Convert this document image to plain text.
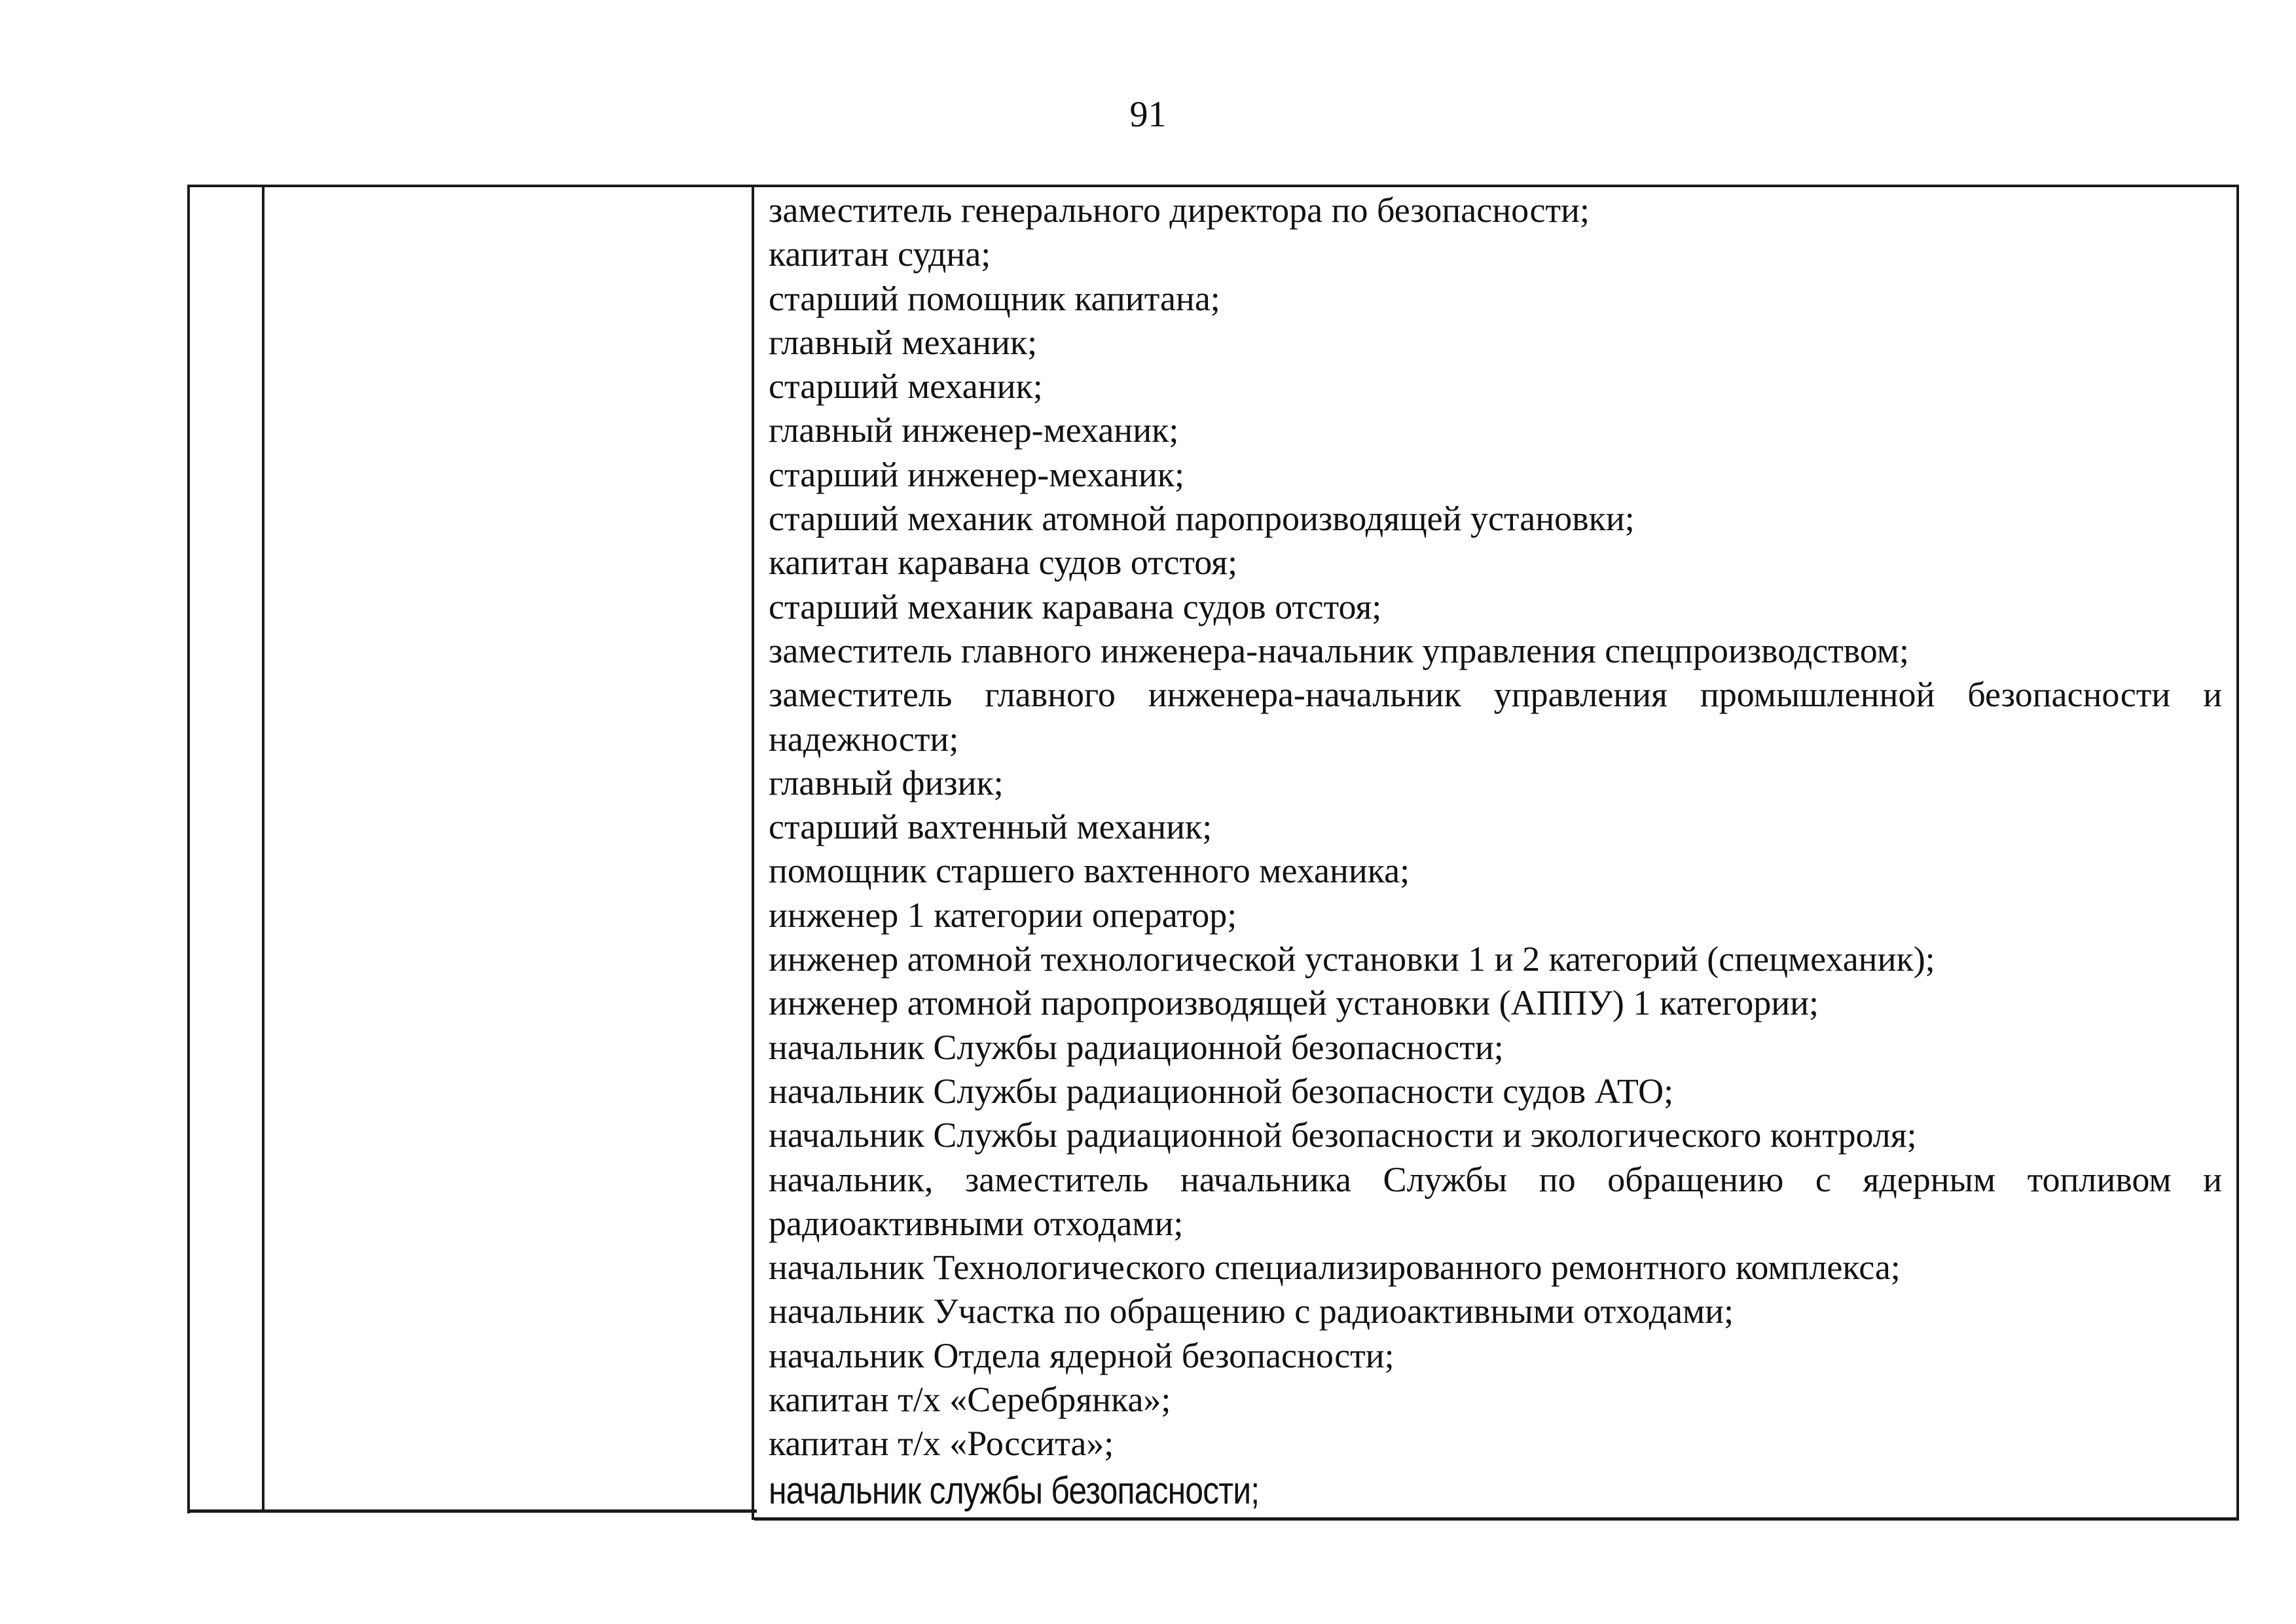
91
заместитель генерального директора по безопасности;
капитан судна;
старший помощник капитана;
главный механик;
старший механик;
главный инженер-механик;
старший инженер-механик;
старший механик атомной паропроизводящей установки;
капитан каравана судов отстоя;
старший механик каравана судов отстоя;
заместитель главного инженера-начальник управления спецпроизводством;
заместитель главного инженера-начальник управления промышленной безопасности и надежности;
главный физик;
старший вахтенный механик;
помощник старшего вахтенного механика;
инженер 1 категории оператор;
инженер атомной технологической установки 1 и 2 категорий (спецмеханик);
инженер атомной паропроизводящей установки (АППУ) 1 категории;
начальник Службы радиационной безопасности;
начальник Службы радиационной безопасности судов АТО;
начальник Службы радиационной безопасности и экологического контроля;
начальник, заместитель начальника Службы по обращению с ядерным топливом и радиоактивными отходами;
начальник Технологического специализированного ремонтного комплекса;
начальник Участка по обращению с радиоактивными отходами;
начальник Отдела ядерной безопасности;
капитан т/х «Серебрянка»;
капитан т/х «Россита»;
начальник службы безопасности;
